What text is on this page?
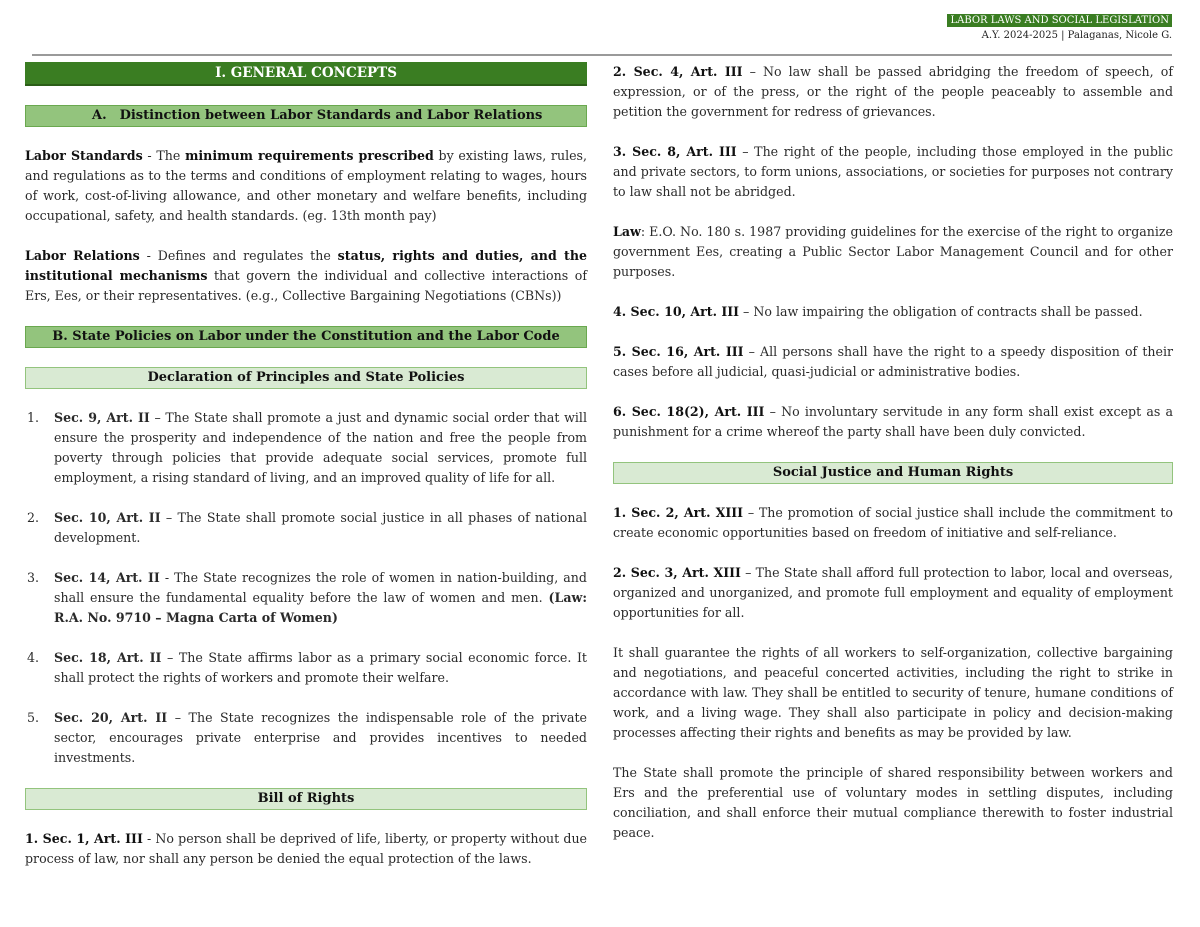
LABOR LAWS AND SOCIAL LEGISLATION
A.Y. 2024-2025 | Palaganas, Nicole G.
I. GENERAL CONCEPTS
A. Distinction between Labor Standards and Labor Relations

Labor Standards - The minimum requirements prescribed by existing laws, rules, and regulations as to the terms and conditions of employment relating to wages, hours of work, cost-of-living allowance, and other monetary and welfare benefits, including occupational, safety, and health standards. (eg. 13th month pay)

Labor Relations - Defines and regulates the status, rights and duties, and the institutional mechanisms that govern the individual and collective interactions of Ers, Ees, or their representatives. (e.g., Collective Bargaining Negotiations (CBNs))

B. State Policies on Labor under the Constitution and the Labor Code
Declaration of Principles and State Policies
1. Sec. 9, Art. II – The State shall promote a just and dynamic social order that will ensure the prosperity and independence of the nation and free the people from poverty through policies that provide adequate social services, promote full employment, a rising standard of living, and an improved quality of life for all.
2. Sec. 10, Art. II – The State shall promote social justice in all phases of national development.
3. Sec. 14, Art. II - The State recognizes the role of women in nation-building, and shall ensure the fundamental equality before the law of women and men. (Law: R.A. No. 9710 – Magna Carta of Women)
4. Sec. 18, Art. II – The State affirms labor as a primary social economic force. It shall protect the rights of workers and promote their welfare.
5. Sec. 20, Art. II – The State recognizes the indispensable role of the private sector, encourages private enterprise and provides incentives to needed investments.
Bill of Rights

1. Sec. 1, Art. III - No person shall be deprived of life, liberty, or property without due process of law, nor shall any person be denied the equal protection of the laws.

2. Sec. 4, Art. III – No law shall be passed abridging the freedom of speech, of expression, or of the press, or the right of the people peaceably to assemble and petition the government for redress of grievances.

3. Sec. 8, Art. III – The right of the people, including those employed in the public and private sectors, to form unions, associations, or societies for purposes not contrary to law shall not be abridged.

Law: E.O. No. 180 s. 1987 providing guidelines for the exercise of the right to organize government Ees, creating a Public Sector Labor Management Council and for other purposes.

4. Sec. 10, Art. III – No law impairing the obligation of contracts shall be passed.

5. Sec. 16, Art. III – All persons shall have the right to a speedy disposition of their cases before all judicial, quasi-judicial or administrative bodies.

6. Sec. 18(2), Art. III – No involuntary servitude in any form shall exist except as a punishment for a crime whereof the party shall have been duly convicted.

Social Justice and Human Rights

1. Sec. 2, Art. XIII – The promotion of social justice shall include the commitment to create economic opportunities based on freedom of initiative and self-reliance.

2. Sec. 3, Art. XIII – The State shall afford full protection to labor, local and overseas, organized and unorganized, and promote full employment and equality of employment opportunities for all.

It shall guarantee the rights of all workers to self-organization, collective bargaining and negotiations, and peaceful concerted activities, including the right to strike in accordance with law. They shall be entitled to security of tenure, humane conditions of work, and a living wage. They shall also participate in policy and decision-making processes affecting their rights and benefits as may be provided by law.

The State shall promote the principle of shared responsibility between workers and Ers and the preferential use of voluntary modes in settling disputes, including conciliation, and shall enforce their mutual compliance therewith to foster industrial peace.
